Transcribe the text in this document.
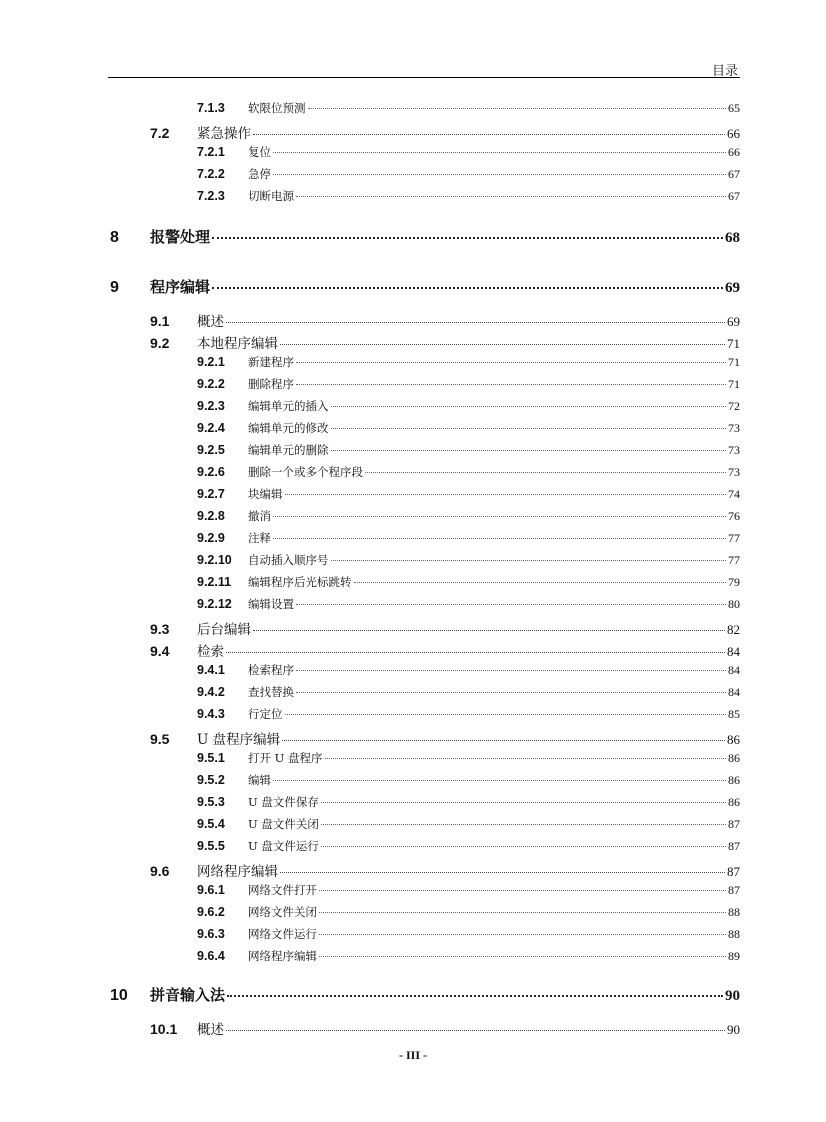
目录
7.1.3	软限位预测	65
7.2	紧急操作	66
7.2.1	复位	66
7.2.2	急停	67
7.2.3	切断电源	67
8	报警处理	68
9	程序编辑	69
9.1	概述	69
9.2	本地程序编辑	71
9.2.1	新建程序	71
9.2.2	删除程序	71
9.2.3	编辑单元的插入	72
9.2.4	编辑单元的修改	73
9.2.5	编辑单元的删除	73
9.2.6	删除一个或多个程序段	73
9.2.7	块编辑	74
9.2.8	撤消	76
9.2.9	注释	77
9.2.10	自动插入顺序号	77
9.2.11	编辑程序后光标跳转	79
9.2.12	编辑设置	80
9.3	后台编辑	82
9.4	检索	84
9.4.1	检索程序	84
9.4.2	查找替换	84
9.4.3	行定位	85
9.5	U 盘程序编辑	86
9.5.1	打开 U 盘程序	86
9.5.2	编辑	86
9.5.3	U 盘文件保存	86
9.5.4	U 盘文件关闭	87
9.5.5	U 盘文件运行	87
9.6	网络程序编辑	87
9.6.1	网络文件打开	87
9.6.2	网络文件关闭	88
9.6.3	网络文件运行	88
9.6.4	网络程序编辑	89
10	拼音输入法	90
10.1	概述	90
- III -
